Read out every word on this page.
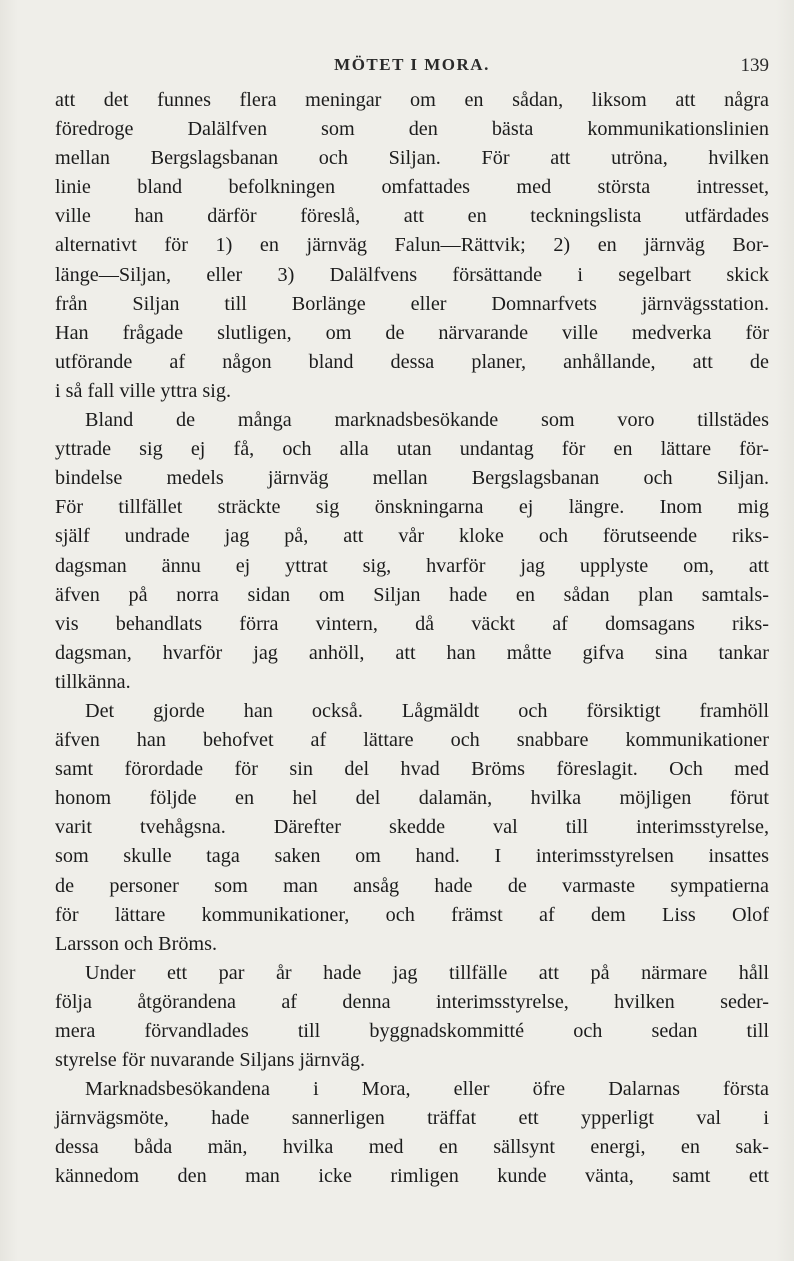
MÖTET I MORA.	139

att det funnes flera meningar om en sådan, liksom att några
föredroge Dalälfven som den bästa kommunikationslinien
mellan Bergslagsbanan och Siljan. För att utröna, hvilken
linie bland befolkningen omfattades med största intresset,
ville han därför föreslå, att en teckningslista utfärdades
alternativt för 1) en järnväg Falun—Rättvik; 2) en järnväg Bor-
länge—Siljan, eller 3) Dalälfvens försättande i segelbart skick
från Siljan till Borlänge eller Domnarfvets järnvägsstation.
Han frågade slutligen, om de närvarande ville medverka för
utförande af någon bland dessa planer, anhållande, att de
i så fall ville yttra sig.

Bland de många marknadsbesökande som voro tillstädes

yttrade sig ej få, och alla utan undantag för en lättare för-
bindelse medels järnväg mellan Bergslagsbanan och Siljan.
För tillfället sträckte sig önskningarna ej längre. Inom mig
själf undrade jag på, att vår kloke och förutseende riks-
dagsman ännu ej yttrat sig, hvarför jag upplyste om, att
äfven på norra sidan om Siljan hade en sådan plan samtals-
vis behandlats förra vintern, då väckt af domsagans riks-
dagsman, hvarför jag anhöll, att han måtte gifva sina tankar
tillkänna.

Det gjorde han också. Lågmäldt och försiktigt framhöll

äfven han behofvet af lättare och snabbare kommunikationer
samt förordade för sin del hvad Bröms föreslagit. Och med
honom följde en hel del dalamän, hvilka möjligen förut
varit tvehågsna. Därefter skedde val till interimsstyrelse,
som skulle taga saken om hand. I interimsstyrelsen insattes
de personer som man ansåg hade de varmaste sympatierna
för lättare kommunikationer, och främst af dem Liss Olof
Larsson och Bröms.

Under ett par år hade jag tillfälle att på närmare håll

följa åtgörandena af denna interimsstyrelse, hvilken seder-
mera förvandlades till byggnadskommitté och sedan till
styrelse för nuvarande Siljans järnväg.

Marknadsbesökandena i Mora, eller öfre Dalarnas första

järnvägsmöte, hade sannerligen träffat ett ypperligt val i
dessa båda män, hvilka med en sällsynt energi, en sak-
kännedom den man icke rimligen kunde vänta, samt ett
